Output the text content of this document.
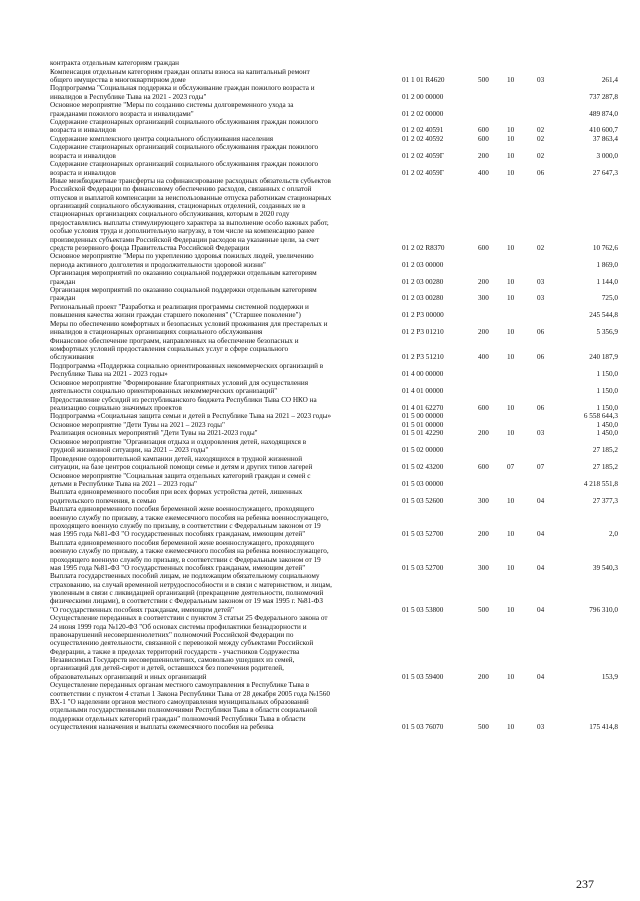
контракта отдельным категориям граждан
Компенсация отдельным категориям граждан оплаты взноса на капитальный ремонт
общего имущества в многоквартирном доме	01 1 01 R4620	500	10	03	261,4
Подпрограмма "Социальная поддержка и обслуживание граждан пожилого возраста и
инвалидов в Республике Тыва на 2021 - 2023 годы"	01 2 00 00000	737 287,8
Основное мероприятие "Меры по созданию системы долговременного ухода за
гражданами пожилого возраста и инвалидами"	01 2 02 00000	489 874,0
Содержание стационарных организаций социального обслуживания граждан пожилого
возраста и инвалидов	01 2 02 40591	600	10	02	410 600,7
Содержание комплексного центра социального обслуживания населения	01 2 02 40592	600	10	02	37 863,4
Содержание стационарных организаций социального обслуживания граждан пожилого
возраста и инвалидов	01 2 02 4059Г	200	10	02	3 000,0
Содержание стационарных организаций социального обслуживания граждан пожилого
возраста и инвалидов	01 2 02 4059Г	400	10	06	27 647,3
Иные межбюджетные трансферты на софинансирование расходных обязательств субъектов
Российской Федерации по финансовому обеспечению расходов, связанных с оплатой
отпусков и выплатой компенсации за неиспользованные отпуска работникам стационарных
организаций социального обслуживания, стационарных отделений, созданных не в
стационарных организациях социального обслуживания, которым в 2020 году
предоставлялись выплаты стимулирующего характера за выполнение особо важных работ,
особые условия труда и дополнительную нагрузку, в том числе на компенсацию ранее
произведенных субъектами Российской Федерации расходов на указанные цели, за счет
средств резервного фонда Правительства Российской Федерации	01 2 02 R8370	600	10	02	10 762,6
Основное мероприятие "Меры по укреплению здоровья пожилых людей, увеличению
периода активного долголетия и продолжительности здоровой жизни"	01 2 03 00000	1 869,0
Организация мероприятий по оказанию социальной поддержки отдельным категориям
граждан	01 2 03 00280	200	10	03	1 144,0
Организация мероприятий по оказанию социальной поддержки отдельным категориям
граждан	01 2 03 00280	300	10	03	725,0
Региональный проект "Разработка и реализация программы системной поддержки и
повышения качества жизни граждан старшего поколения" ("Старшее поколение")	01 2 P3 00000	245 544,8
Меры по обеспечению комфортных и безопасных условий проживания для престарелых и
инвалидов в стационарных организациях социального обслуживания	01 2 P3 01210	200	10	06	5 356,9
Финансовое обеспечение программ, направленных на обеспечение безопасных и
комфортных условий предоставления социальных услуг в сфере социального
обслуживания	01 2 P3 51210	400	10	06	240 187,9
Подпрограмма «Поддержка социально ориентированных некоммерческих организаций в
Республике Тыва на 2021 - 2023 годы»	01 4 00 00000	1 150,0
Основное мероприятие "Формирование благоприятных условий для осуществления
деятельности социально ориентированных некоммерческих организаций"	01 4 01 00000	1 150,0
Предоставление субсидий из республиканского бюджета Республики Тыва СО НКО на
реализацию социально значимых проектов	01 4 01 62270	600	10	06	1 150,0
Подпрограмма «Социальная защита семьи и детей в Республике Тыва на 2021 – 2023 годы»	01 5 00 00000	6 558 644,3
Основное мероприятие "Дети Тувы на 2021 – 2023 годы"	01 5 01 00000	1 450,0
Реализация основных мероприятий "Дети Тувы на 2021-2023 годы"	01 5 01 42290	200	10	03	1 450,0
Основное мероприятие "Организация отдыха и оздоровления детей, находящихся в
трудной жизненной ситуации, на 2021 – 2023 годы"	01 5 02 00000	27 185,2
Проведение оздоровительной кампании детей, находящихся в трудной жизненной
ситуации, на базе центров социальной помощи семье и детям и других типов лагерей	01 5 02 43200	600	07	07	27 185,2
Основное мероприятие "Социальная защита отдельных категорий граждан и семей с
детьми в Республике Тыва на 2021 – 2023 годы"	01 5 03 00000	4 218 551,8
Выплата единовременного пособия при всех формах устройства детей, лишенных
родительского попечения, в семью	01 5 03 52600	300	10	04	27 377,3
Выплата единовременного пособия беременной жене военнослужащего, проходящего
военную службу по призыву, а также ежемесячного пособия на ребенка военнослужащего,
проходящего военную службу по призыву, в соответствии с Федеральным законом от 19
мая 1995 года №81-ФЗ "О государственных пособиях гражданам, имеющим детей"	01 5 03 52700	200	10	04	2,0
Выплата единовременного пособия беременной жене военнослужащего, проходящего
военную службу по призыву, а также ежемесячного пособия на ребенка военнослужащего,
проходящего военную службу по призыву, в соответствии с Федеральным законом от 19
мая 1995 года №81-ФЗ "О государственных пособиях гражданам, имеющим детей"	01 5 03 52700	300	10	04	39 540,3
Выплата государственных пособий лицам, не подлежащим обязательному социальному
страхованию, на случай временной нетрудоспособности и в связи с материнством, и лицам,
уволенным в связи с ликвидацией организаций (прекращение деятельности, полномочий
физическими лицами), в соответствии с Федеральным законом от 19 мая 1995 г. №81-ФЗ
"О государственных пособиях гражданам, имеющим детей"	01 5 03 53800	500	10	04	796 310,0
Осуществление переданных в соответствии с пунктом 3 статьи 25 Федерального закона от
24 июня 1999 года №120-ФЗ "Об основах системы профилактики безнадзорности и
правонарушений несовершеннолетних" полномочий Российской Федерации по
осуществлению деятельности, связанной с перевозкой между субъектами Российской
Федерации, а также в пределах территорий государств - участников Содружества
Независимых Государств несовершеннолетних, самовольно ушедших из семей,
организаций для детей-сирот и детей, оставшихся без попечения родителей,
образовательных организаций и иных организаций	01 5 03 59400	200	10	04	153,9
Осуществление переданных органам местного самоуправления в Республике Тыва в
соответствии с пунктом 4 статьи 1 Закона Республики Тыва от 28 декабря 2005 года №1560
ВХ-1 "О наделении органов местного самоуправления муниципальных образований
отдельными государственными полномочиями Республики Тыва в области социальной
поддержки отдельных категорий граждан" полномочий Республики Тыва в области
осуществления назначения и выплаты ежемесячного пособия на ребенка	01 5 03 76070	500	10	03	175 414,8
237
